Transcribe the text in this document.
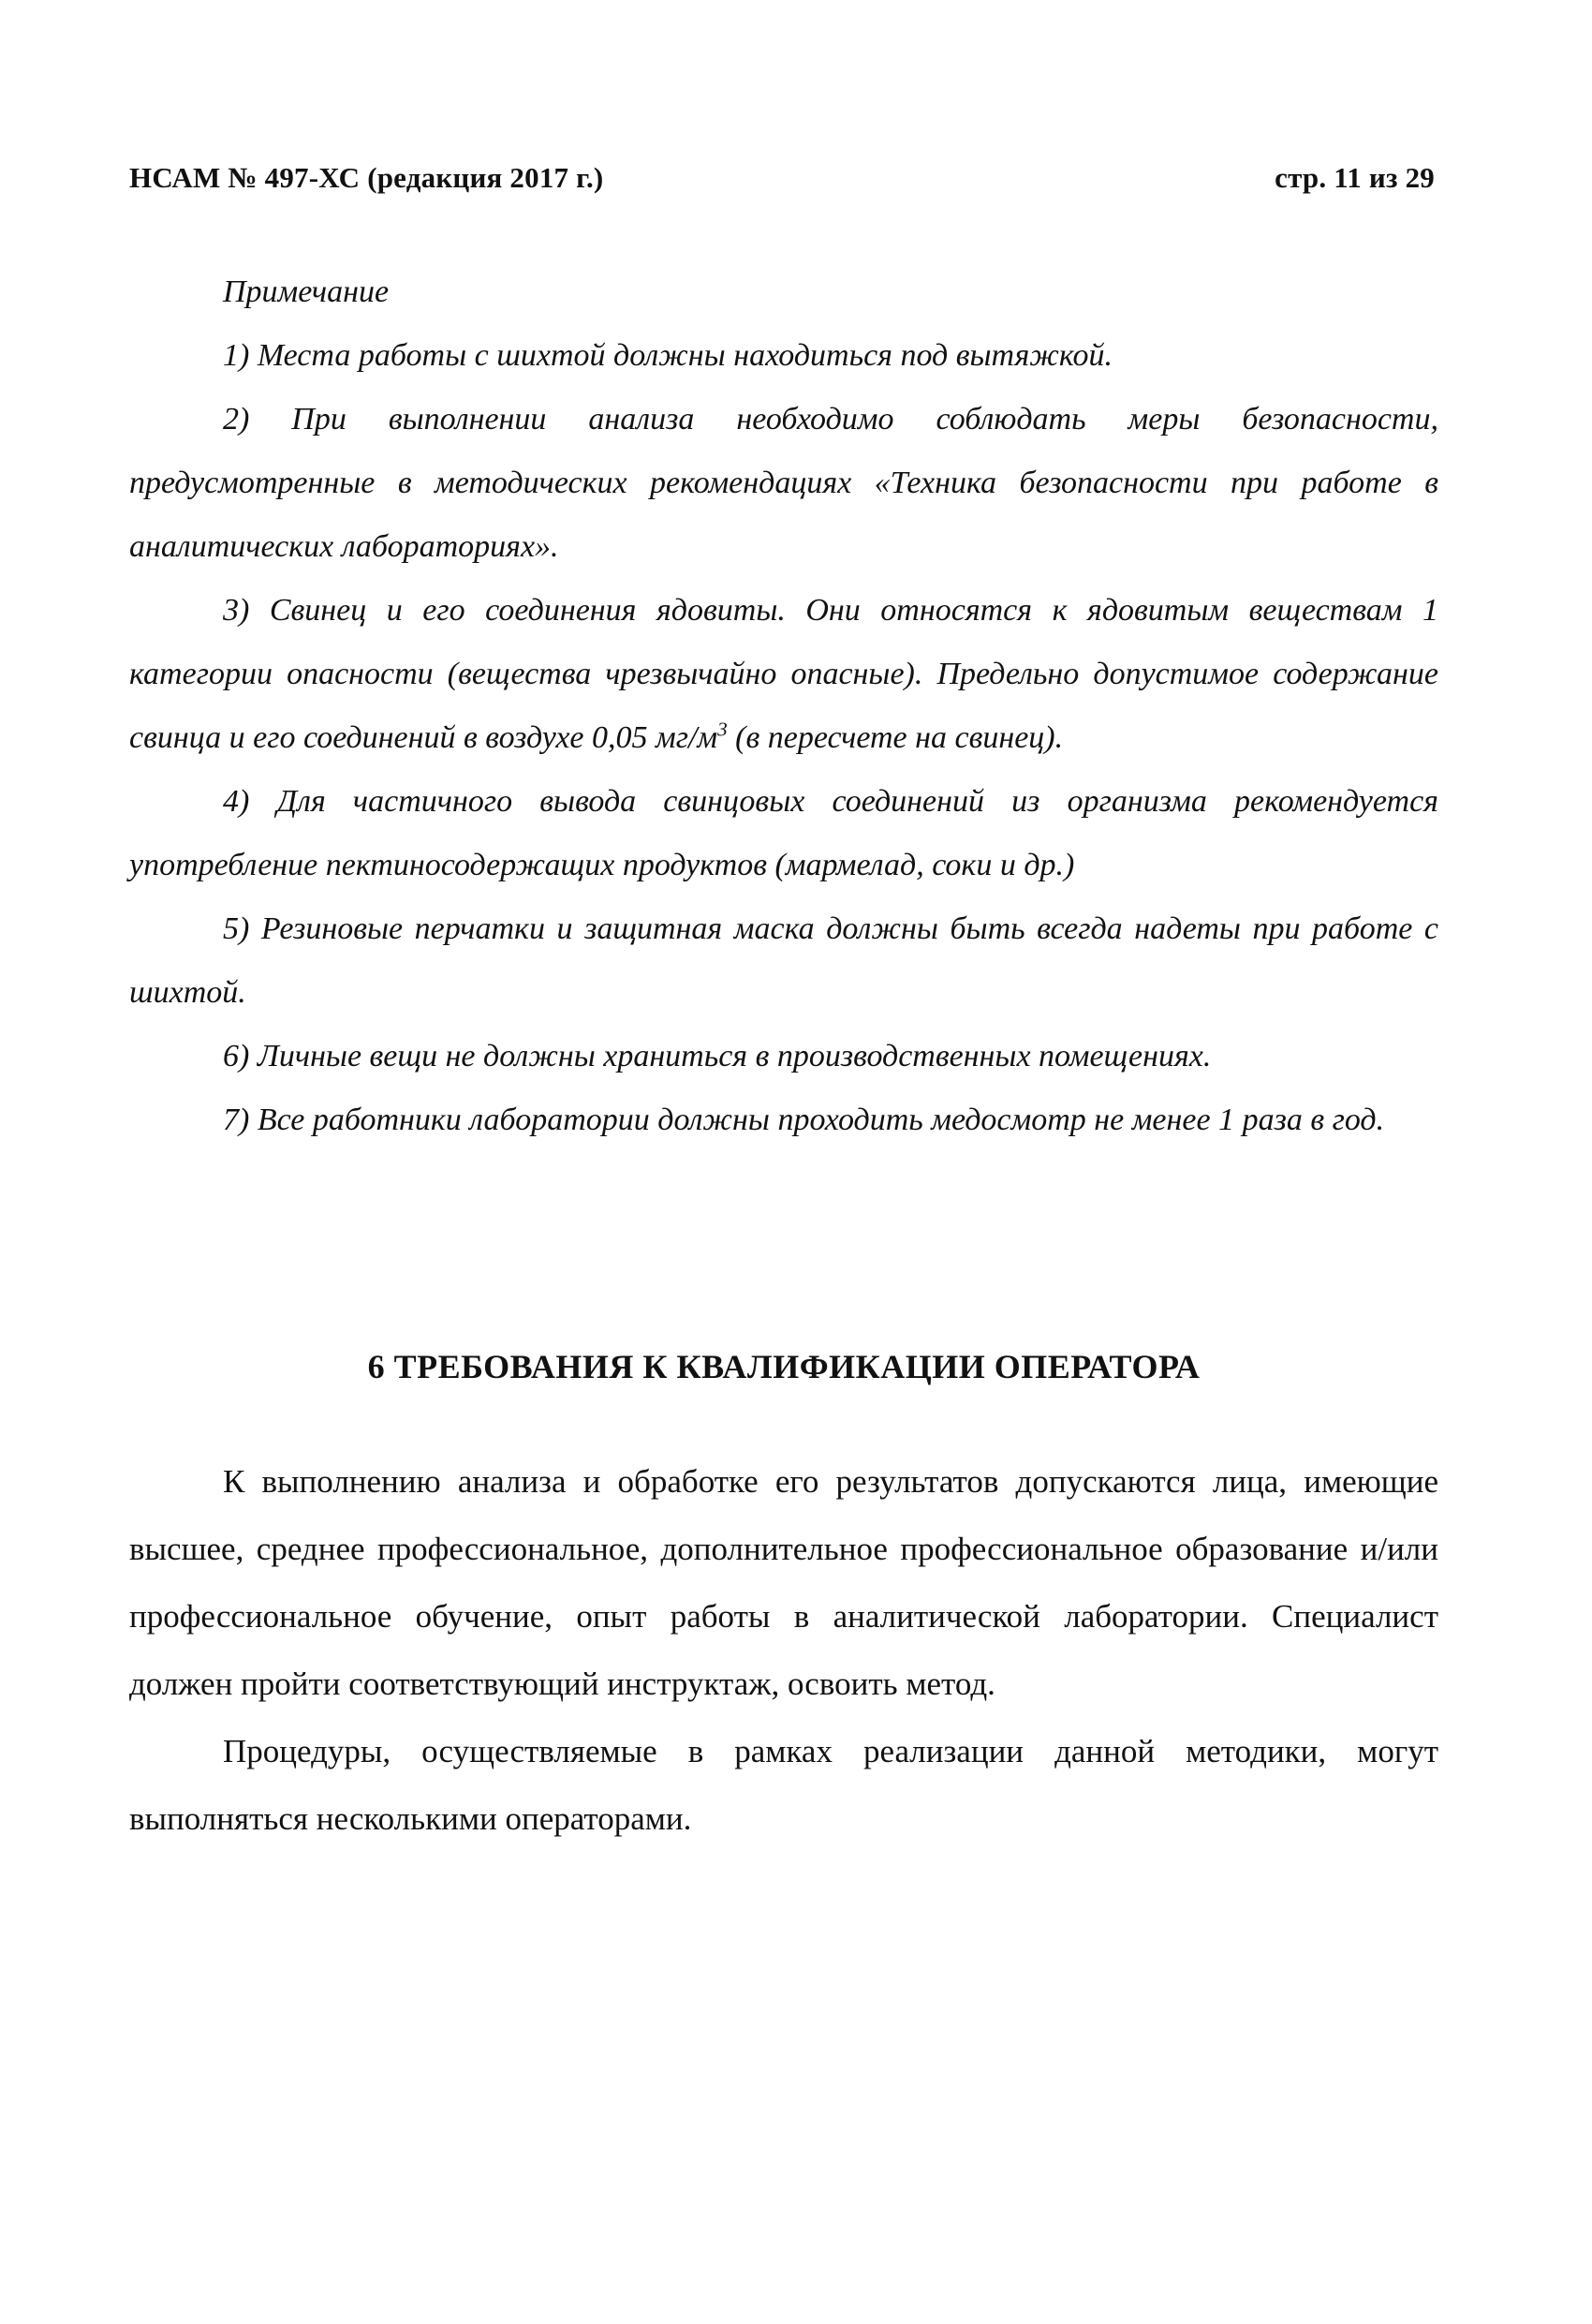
НСАМ № 497-ХС (редакция 2017 г.)	стр. 11 из 29

Примечание

1) Места работы с шихтой должны находиться под вытяжкой.

2) При выполнении анализа необходимо соблюдать меры безопасности, предусмотренные в методических рекомендациях «Техника безопасности при работе в аналитических лабораториях».

3) Свинец и его соединения ядовиты. Они относятся к ядовитым веществам 1 категории опасности (вещества чрезвычайно опасные). Предельно допустимое содержание свинца и его соединений в воздухе 0,05 $мг/м^3$ (в пересчете на свинец).

4) Для частичного вывода свинцовых соединений из организма рекомендуется употребление пектиносодержащих продуктов (мармелад, соки и др.)

5) Резиновые перчатки и защитная маска должны быть всегда надеты при работе с шихтой.

6) Личные вещи не должны храниться в производственных помещениях.

7) Все работники лаборатории должны проходить медосмотр не менее 1 раза в год.

6 ТРЕБОВАНИЯ К КВАЛИФИКАЦИИ ОПЕРАТОРА

К выполнению анализа и обработке его результатов допускаются лица, имеющие высшее, среднее профессиональное, дополнительное профессиональное образование и/или профессиональное обучение, опыт работы в аналитической лаборатории. Специалист должен пройти соответствующий инструктаж, освоить метод.

Процедуры, осуществляемые в рамках реализации данной методики, могут выполняться несколькими операторами.
